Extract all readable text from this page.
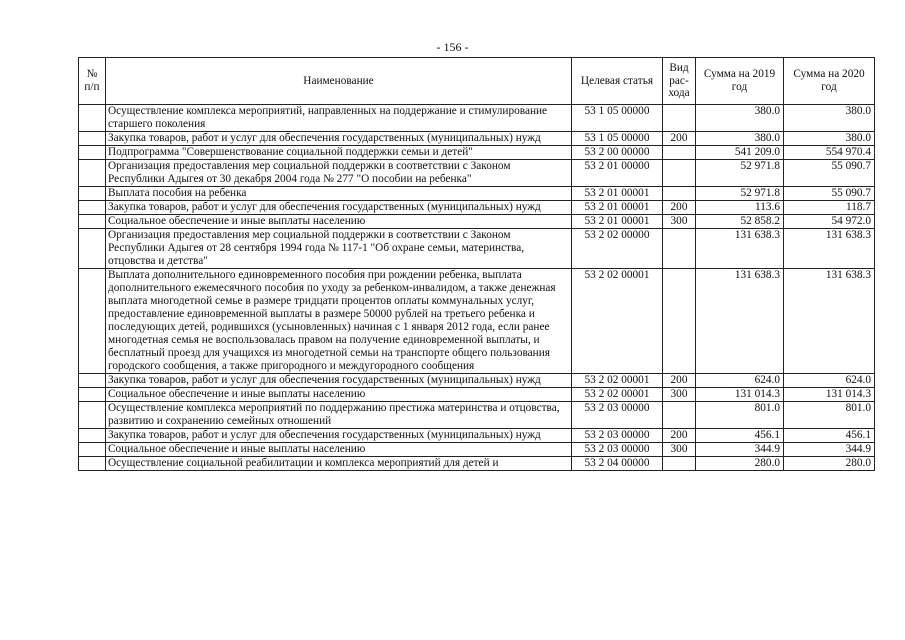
- 156 -
№ п/п	Наименование	Целевая статья	Вид рас-хода	Сумма на 2019 год	Сумма на 2020 год
	Осуществление комплекса мероприятий, направленных на поддержание и стимулирование старшего поколения	53 1 05 00000		380.0	380.0
	Закупка товаров, работ и услуг для обеспечения государственных (муниципальных) нужд	53 1 05 00000	200	380.0	380.0
	Подпрограмма "Совершенствование социальной поддержки семьи и детей"	53 2 00 00000		541 209.0	554 970.4
	Организация предоставления мер социальной поддержки в соответствии с Законом Республики Адыгея от 30 декабря 2004 года № 277 "О пособии на ребенка"	53 2 01 00000		52 971.8	55 090.7
	Выплата пособия на ребенка	53 2 01 00001		52 971.8	55 090.7
	Закупка товаров, работ и услуг для обеспечения государственных (муниципальных) нужд	53 2 01 00001	200	113.6	118.7
	Социальное обеспечение и иные выплаты населению	53 2 01 00001	300	52 858.2	54 972.0
	Организация предоставления мер социальной поддержки в соответствии с Законом Республики Адыгея от 28 сентября 1994 года № 117-1 "Об охране семьи, материнства, отцовства и детства"	53 2 02 00000		131 638.3	131 638.3
	Выплата дополнительного единовременного пособия при рождении ребенка, выплата дополнительного ежемесячного пособия по уходу за ребенком-инвалидом, а также денежная выплата многодетной семье в размере тридцати процентов оплаты коммунальных услуг, предоставление единовременной выплаты в размере 50000 рублей на третьего ребенка и последующих детей, родившихся (усыновленных) начиная с 1 января 2012 года, если ранее многодетная семья не воспользовалась правом на получение единовременной выплаты, и бесплатный проезд для учащихся из многодетной семьи на транспорте общего пользования городского сообщения, а также пригородного и междугородного сообщения	53 2 02 00001		131 638.3	131 638.3
	Закупка товаров, работ и услуг для обеспечения государственных (муниципальных) нужд	53 2 02 00001	200	624.0	624.0
	Социальное обеспечение и иные выплаты населению	53 2 02 00001	300	131 014.3	131 014.3
	Осуществление комплекса мероприятий по поддержанию престижа материнства и отцовства, развитию и сохранению семейных отношений	53 2 03 00000		801.0	801.0
	Закупка товаров, работ и услуг для обеспечения государственных (муниципальных) нужд	53 2 03 00000	200	456.1	456.1
	Социальное обеспечение и иные выплаты населению	53 2 03 00000	300	344.9	344.9
	Осуществление социальной реабилитации и комплекса мероприятий для детей и	53 2 04 00000		280.0	280.0
